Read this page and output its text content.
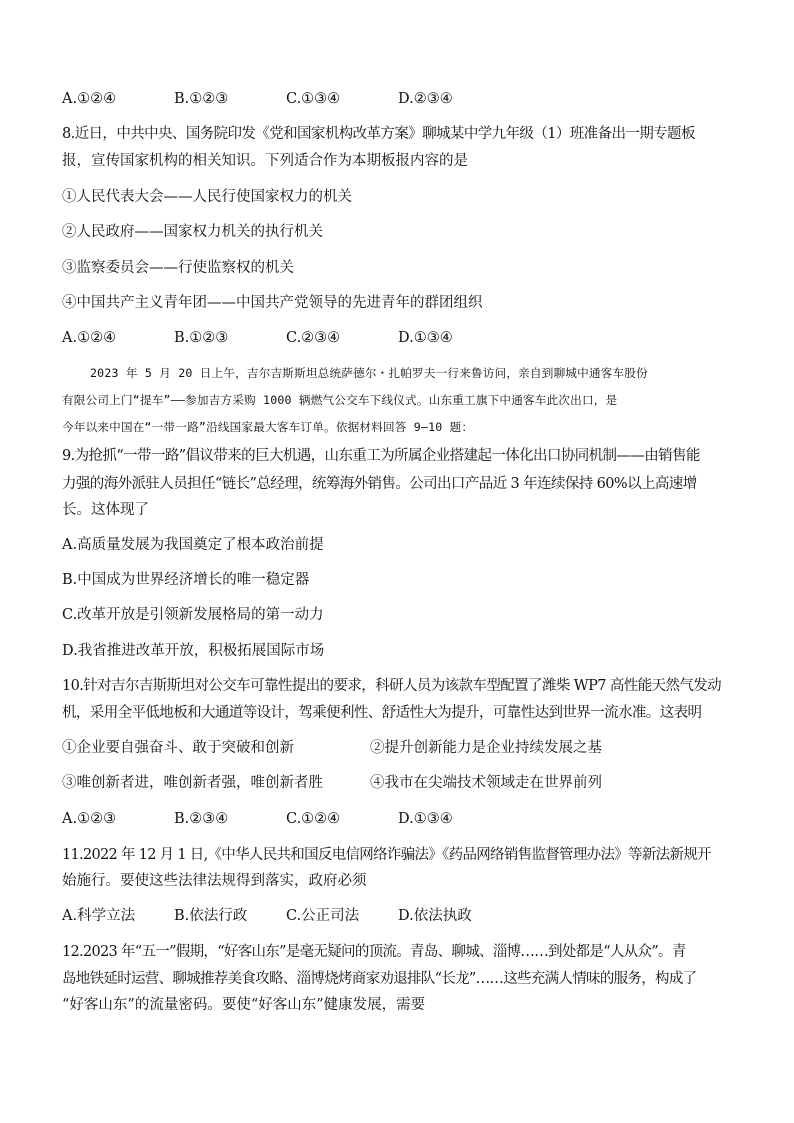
A.①②④	B.①②③	C.①③④	D.②③④
8.近日，中共中央、国务院印发《党和国家机构改革方案》聊城某中学九年级（1）班准备出一期专题板
报，宣传国家机构的相关知识。下列适合作为本期板报内容的是
①人民代表大会——人民行使国家权力的机关
②人民政府——国家权力机关的执行机关
③监察委员会——行使监察权的机关
④中国共产主义青年团——中国共产党领导的先进青年的群团组织
A.①②④	B.①②③	C.②③④	D.①③④
2023 年 5 月 20 日上午，吉尔吉斯斯坦总统萨德尔・扎帕罗夫一行来鲁访问，亲自到聊城中通客车股份
有限公司上门“提车”——参加吉方采购 1000 辆燃气公交车下线仪式。山东重工旗下中通客车此次出口，是
今年以来中国在“一带一路”沿线国家最大客车订单。依据材料回答 9—10 题：
9.为抢抓“一带一路”倡议带来的巨大机遇，山东重工为所属企业搭建起一体化出口协同机制——由销售能
力强的海外派驻人员担任“链长”总经理，统筹海外销售。公司出口产品近 3 年连续保持 60%以上高速增
长。这体现了
A.高质量发展为我国奠定了根本政治前提
B.中国成为世界经济增长的唯一稳定器
C.改革开放是引领新发展格局的第一动力
D.我省推进改革开放，积极拓展国际市场
10.针对吉尔吉斯斯坦对公交车可靠性提出的要求，科研人员为该款车型配置了潍柴 WP7 高性能天然气发动
机，采用全平低地板和大通道等设计，驾乘便利性、舒适性大为提升，可靠性达到世界一流水准。这表明
①企业要自强奋斗、敢于突破和创新	②提升创新能力是企业持续发展之基
③唯创新者进，唯创新者强，唯创新者胜	④我市在尖端技术领域走在世界前列
A.①②③	B.②③④	C.①②④	D.①③④
11.2022 年 12 月 1 日,《中华人民共和国反电信网络诈骗法》《药品网络销售监督管理办法》等新法新规开
始施行。要使这些法律法规得到落实，政府必须
A.科学立法	B.依法行政	C.公正司法	D.依法执政
12.2023 年“五一”假期，“好客山东”是毫无疑问的顶流。青岛、聊城、淄博……到处都是“人从众”。青
岛地铁延时运营、聊城推荐美食攻略、淄博烧烤商家劝退排队“长龙”……这些充满人情味的服务，构成了
“好客山东”的流量密码。要使“好客山东”健康发展，需要
